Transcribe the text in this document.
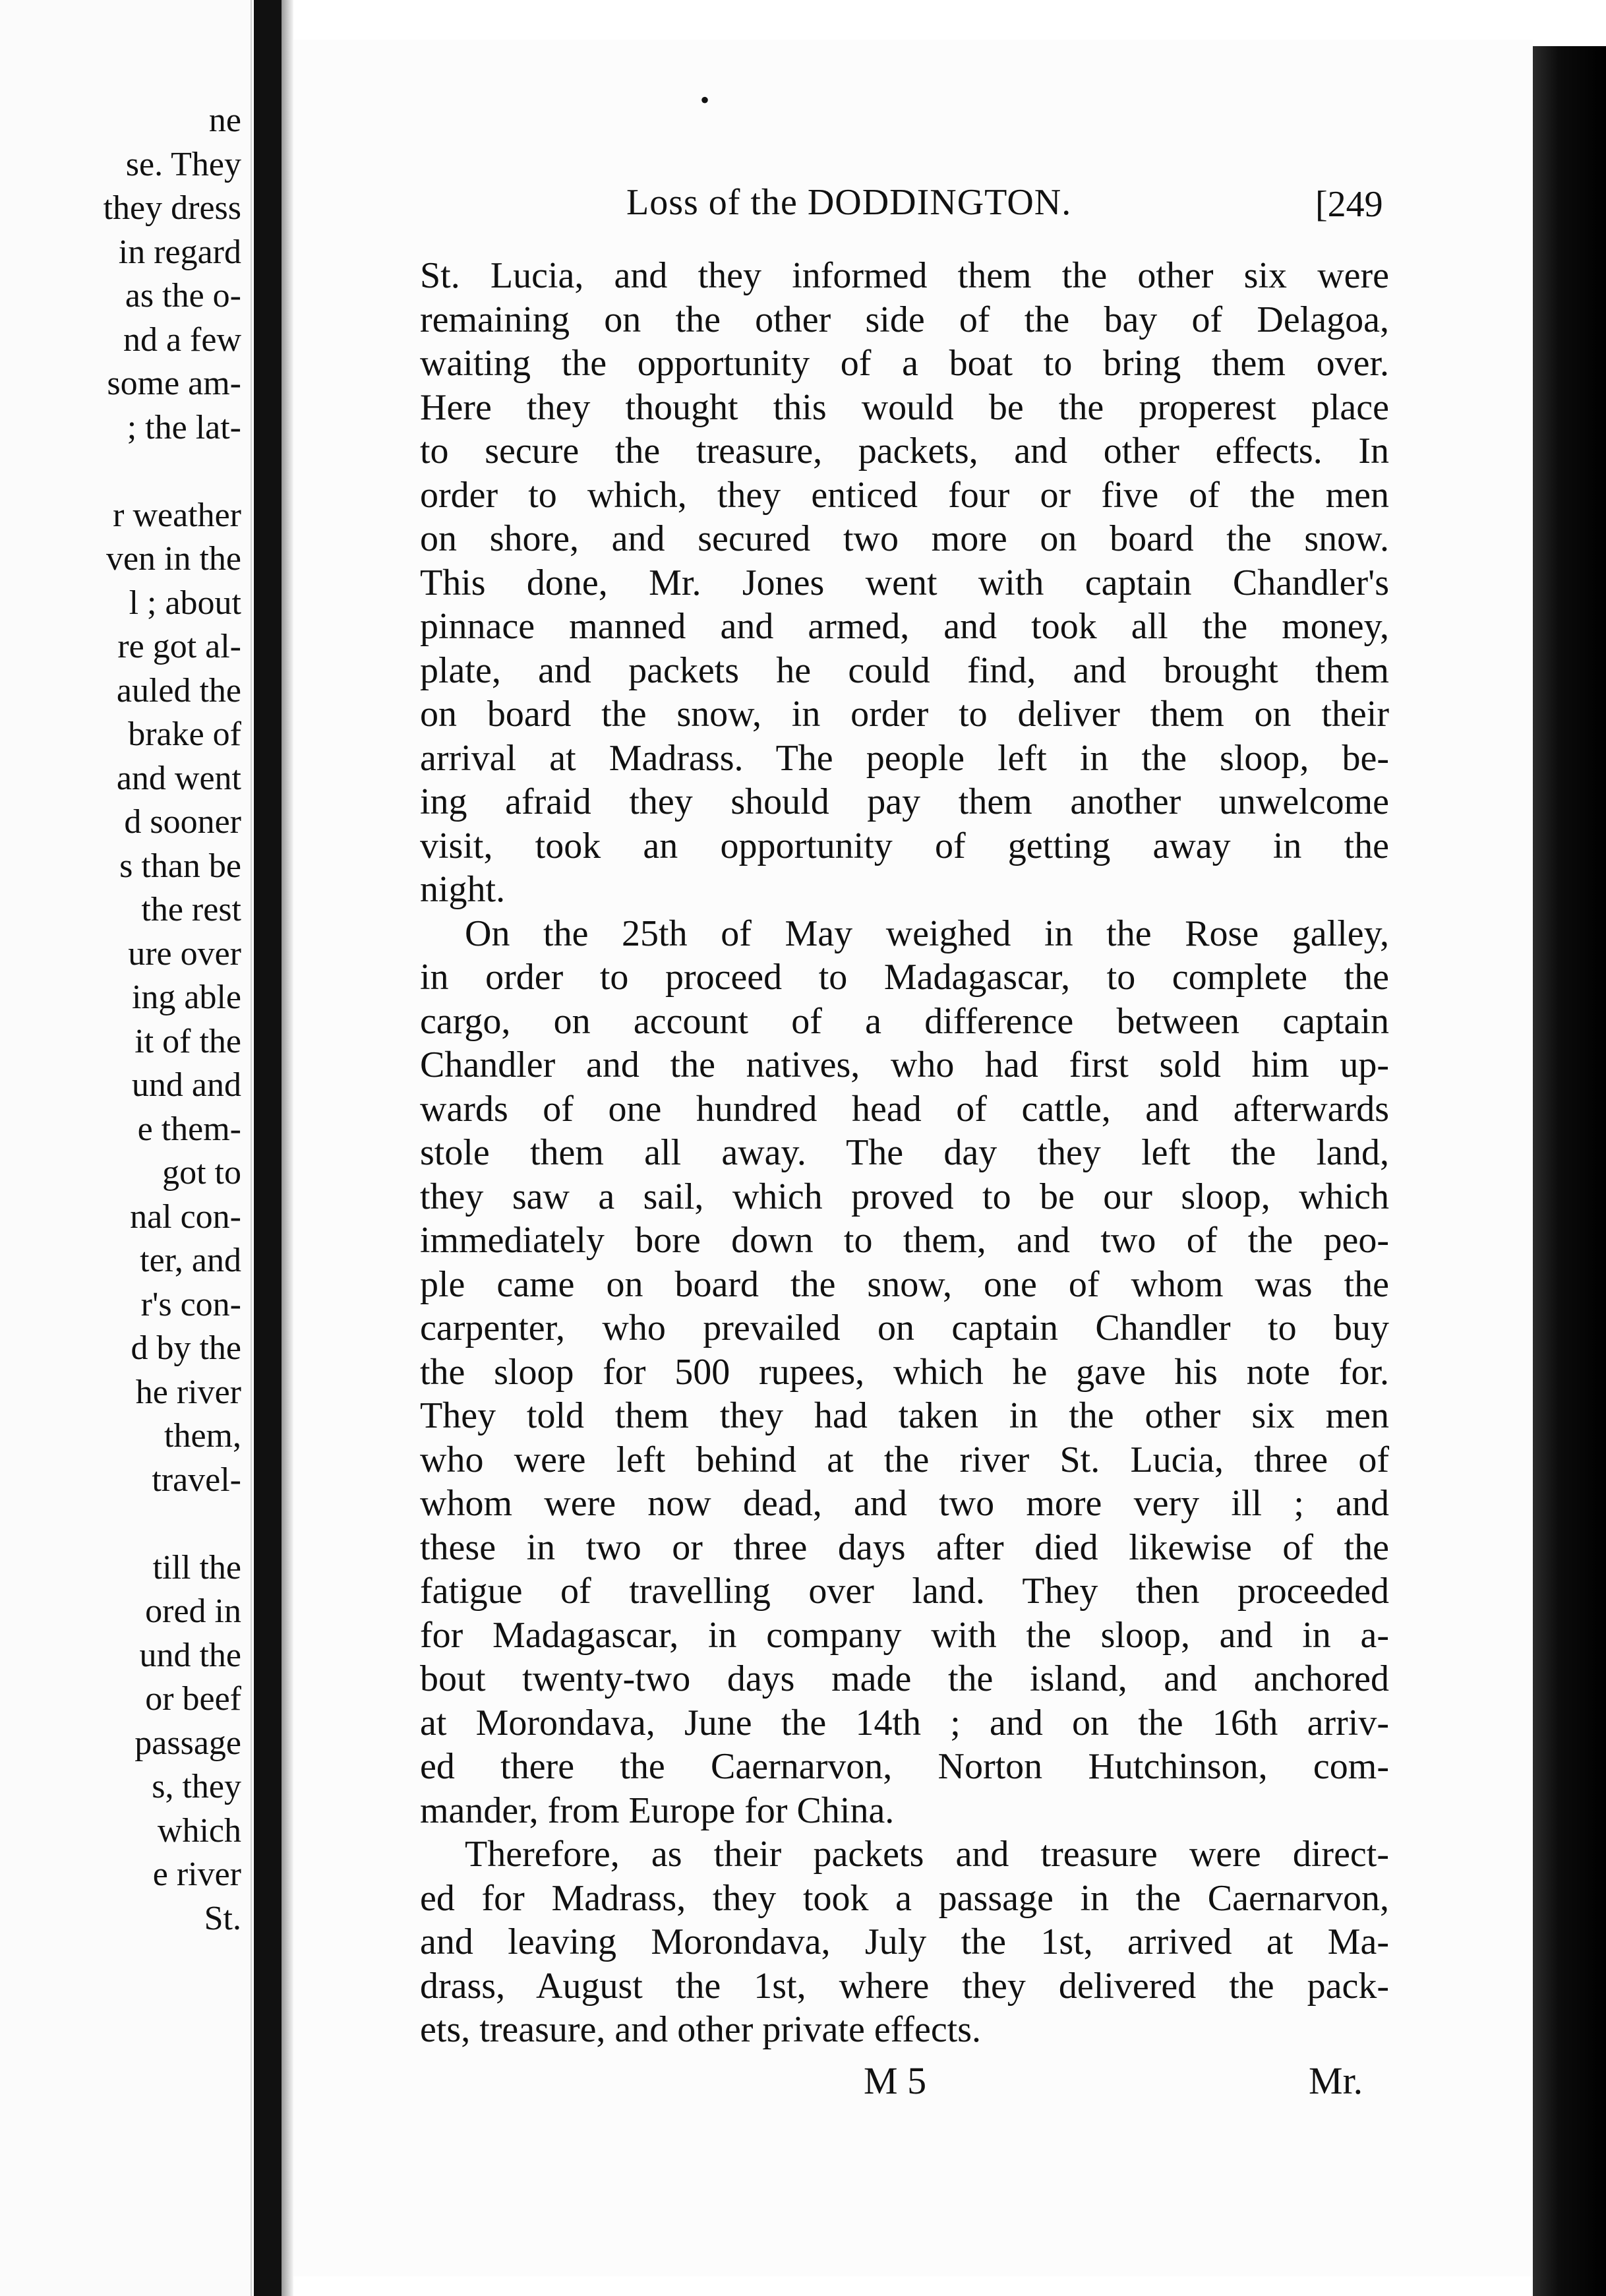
ne
se. They
they dress
in regard
as the o-
nd a few
some am-
; the lat-
r weather
ven in the
l ; about
re got al-
auled the
brake of
and went
d sooner
s than be
the rest
ure over
ing able
it of the
und and
e them-
got to
nal con-
ter, and
r's con-
d by the
he river
them,
travel-
till the
ored in
und the
or beef
passage
s, they
which
e river
St.
•
Loss of the DODDINGTON.	[249
St. Lucia, and they informed them the other six were
remaining on the other side of the bay of Delagoa,
waiting the opportunity of a boat to bring them over.
Here they thought this would be the properest place
to secure the treasure, packets, and other effects. In
order to which, they enticed four or five of the men
on shore, and secured two more on board the snow.
This done, Mr. Jones went with captain Chandler's
pinnace manned and armed, and took all the money,
plate, and packets he could find, and brought them
on board the snow, in order to deliver them on their
arrival at Madrass. The people left in the sloop, be-
ing afraid they should pay them another unwelcome
visit, took an opportunity of getting away in the
night.
On the 25th of May weighed in the Rose galley,
in order to proceed to Madagascar, to complete the
cargo, on account of a difference between captain
Chandler and the natives, who had first sold him up-
wards of one hundred head of cattle, and afterwards
stole them all away. The day they left the land,
they saw a sail, which proved to be our sloop, which
immediately bore down to them, and two of the peo-
ple came on board the snow, one of whom was the
carpenter, who prevailed on captain Chandler to buy
the sloop for 500 rupees, which he gave his note for.
They told them they had taken in the other six men
who were left behind at the river St. Lucia, three of
whom were now dead, and two more very ill ; and
these in two or three days after died likewise of the
fatigue of travelling over land. They then proceeded
for Madagascar, in company with the sloop, and in a-
bout twenty-two days made the island, and anchored
at Morondava, June the 14th ; and on the 16th arriv-
ed there the Caernarvon, Norton Hutchinson, com-
mander, from Europe for China.
Therefore, as their packets and treasure were direct-
ed for Madrass, they took a passage in the Caernarvon,
and leaving Morondava, July the 1st, arrived at Ma-
drass, August the 1st, where they delivered the pack-
ets, treasure, and other private effects.
M 5	Mr.
